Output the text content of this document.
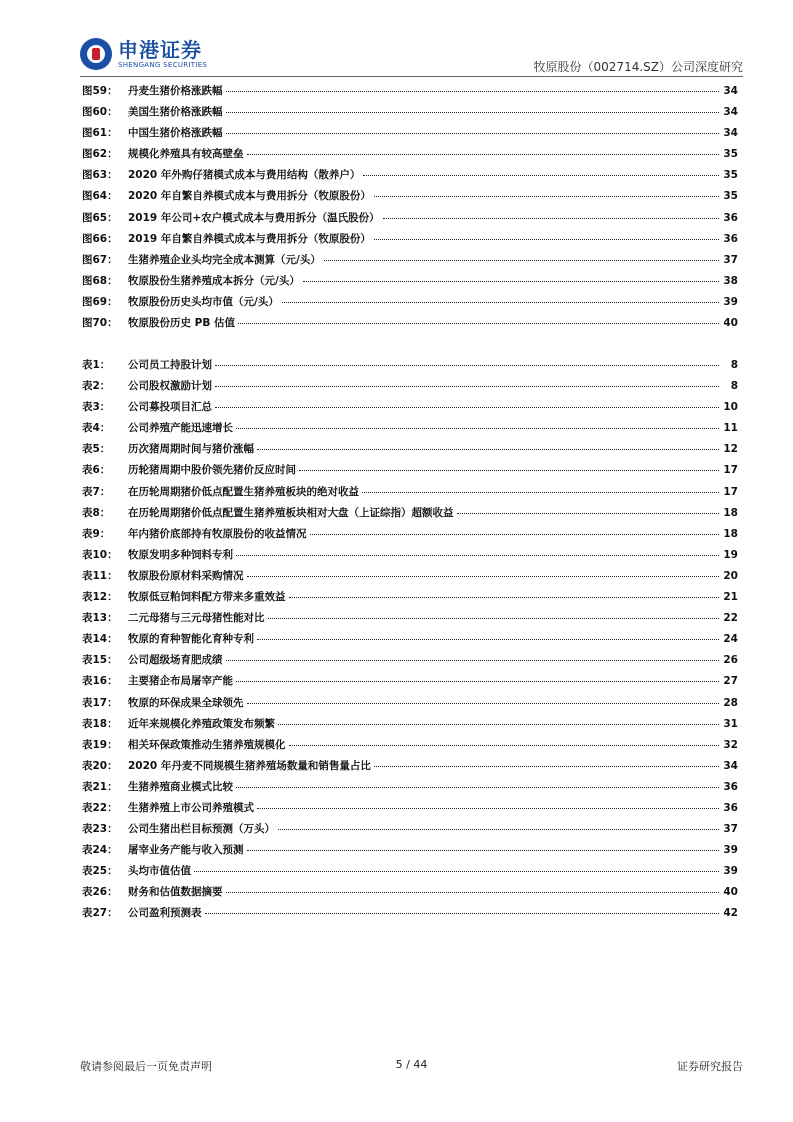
申港证券
SHENGANG SECURITIES	牧原股份（002714.SZ）公司深度研究
图59： 丹麦生猪价格涨跌幅	34
图60： 美国生猪价格涨跌幅	34
图61： 中国生猪价格涨跌幅	34
图62： 规模化养殖具有较高壁垒	35
图63： 2020 年外购仔猪模式成本与费用结构（散养户）	35
图64： 2020 年自繁自养模式成本与费用拆分（牧原股份）	35
图65： 2019 年公司+农户模式成本与费用拆分（温氏股份）	36
图66： 2019 年自繁自养模式成本与费用拆分（牧原股份）	36
图67： 生猪养殖企业头均完全成本测算（元/头）	37
图68： 牧原股份生猪养殖成本拆分（元/头）	38
图69： 牧原股份历史头均市值（元/头）	39
图70： 牧原股份历史 PB 估值	40
表1：	公司员工持股计划	8
表2：	公司股权激励计划	8
表3：	公司募投项目汇总	10
表4：	公司养殖产能迅速增长	11
表5：	历次猪周期时间与猪价涨幅	12
表6：	历轮猪周期中股价领先猪价反应时间	17
表7：	在历轮周期猪价低点配置生猪养殖板块的绝对收益	17
表8：	在历轮周期猪价低点配置生猪养殖板块相对大盘（上证综指）超额收益	18
表9：	年内猪价底部持有牧原股份的收益情况	18
表10： 牧原发明多种饲料专利	19
表11： 牧原股份原材料采购情况	20
表12： 牧原低豆粕饲料配方带来多重效益	21
表13： 二元母猪与三元母猪性能对比	22
表14： 牧原的育种智能化育种专利	24
表15： 公司超级场育肥成绩	26
表16： 主要猪企布局屠宰产能	27
表17： 牧原的环保成果全球领先	28
表18： 近年来规模化养殖政策发布频繁	31
表19： 相关环保政策推动生猪养殖规模化	32
表20： 2020 年丹麦不同规模生猪养殖场数量和销售量占比	34
表21： 生猪养殖商业模式比较	36
表22： 生猪养殖上市公司养殖模式	36
表23： 公司生猪出栏目标预测（万头）	37
表24： 屠宰业务产能与收入预测	39
表25： 头均市值估值	39
表26： 财务和估值数据摘要	40
表27： 公司盈利预测表	42
敬请参阅最后一页免责声明	5 / 44	证券研究报告
